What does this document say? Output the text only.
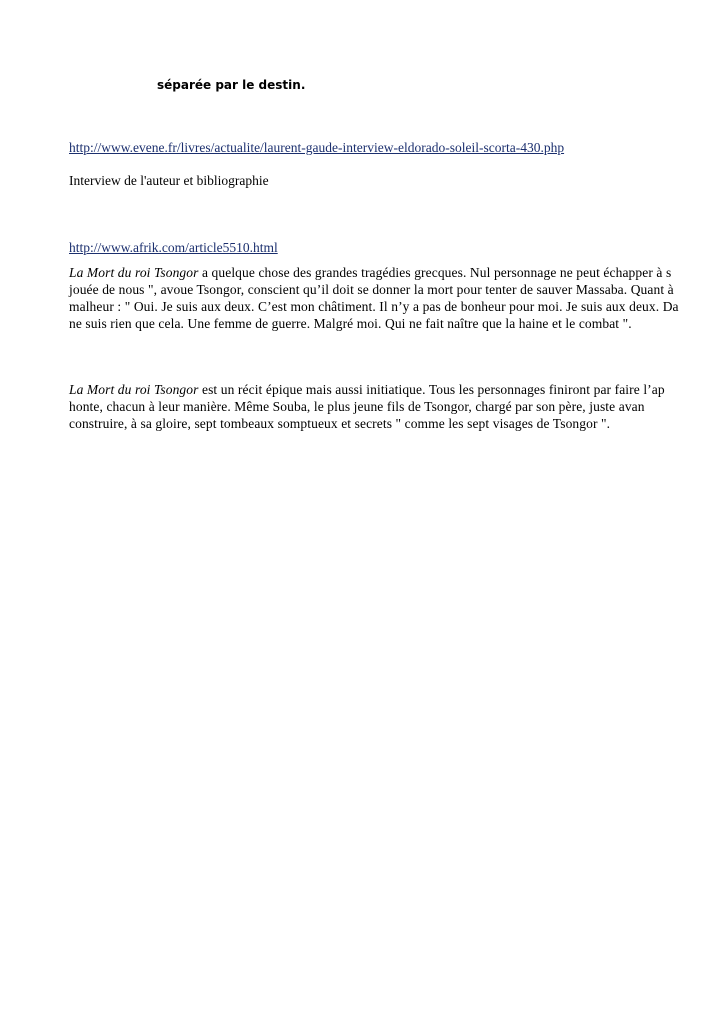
séparée par le destin.

http://www.evene.fr/livres/actualite/laurent-gaude-interview-eldorado-soleil-scorta-430.php
Interview de l'auteur et bibliographie
http://www.afrik.com/article5510.html
La Mort du roi Tsongor a quelque chose des grandes tragédies grecques. Nul personnage ne peut échapper à s
jouée de nous ", avoue Tsongor, conscient qu’il doit se donner la mort pour tenter de sauver Massaba. Quant à
malheur : " Oui. Je suis aux deux. C’est mon châtiment. Il n’y a pas de bonheur pour moi. Je suis aux deux. Da
ne suis rien que cela. Une femme de guerre. Malgré moi. Qui ne fait naître que la haine et le combat ".
La Mort du roi Tsongor est un récit épique mais aussi initiatique. Tous les personnages finiront par faire l’ap
honte, chacun à leur manière. Même Souba, le plus jeune fils de Tsongor, chargé par son père, juste avan
construire, à sa gloire, sept tombeaux somptueux et secrets " comme les sept visages de Tsongor ".
